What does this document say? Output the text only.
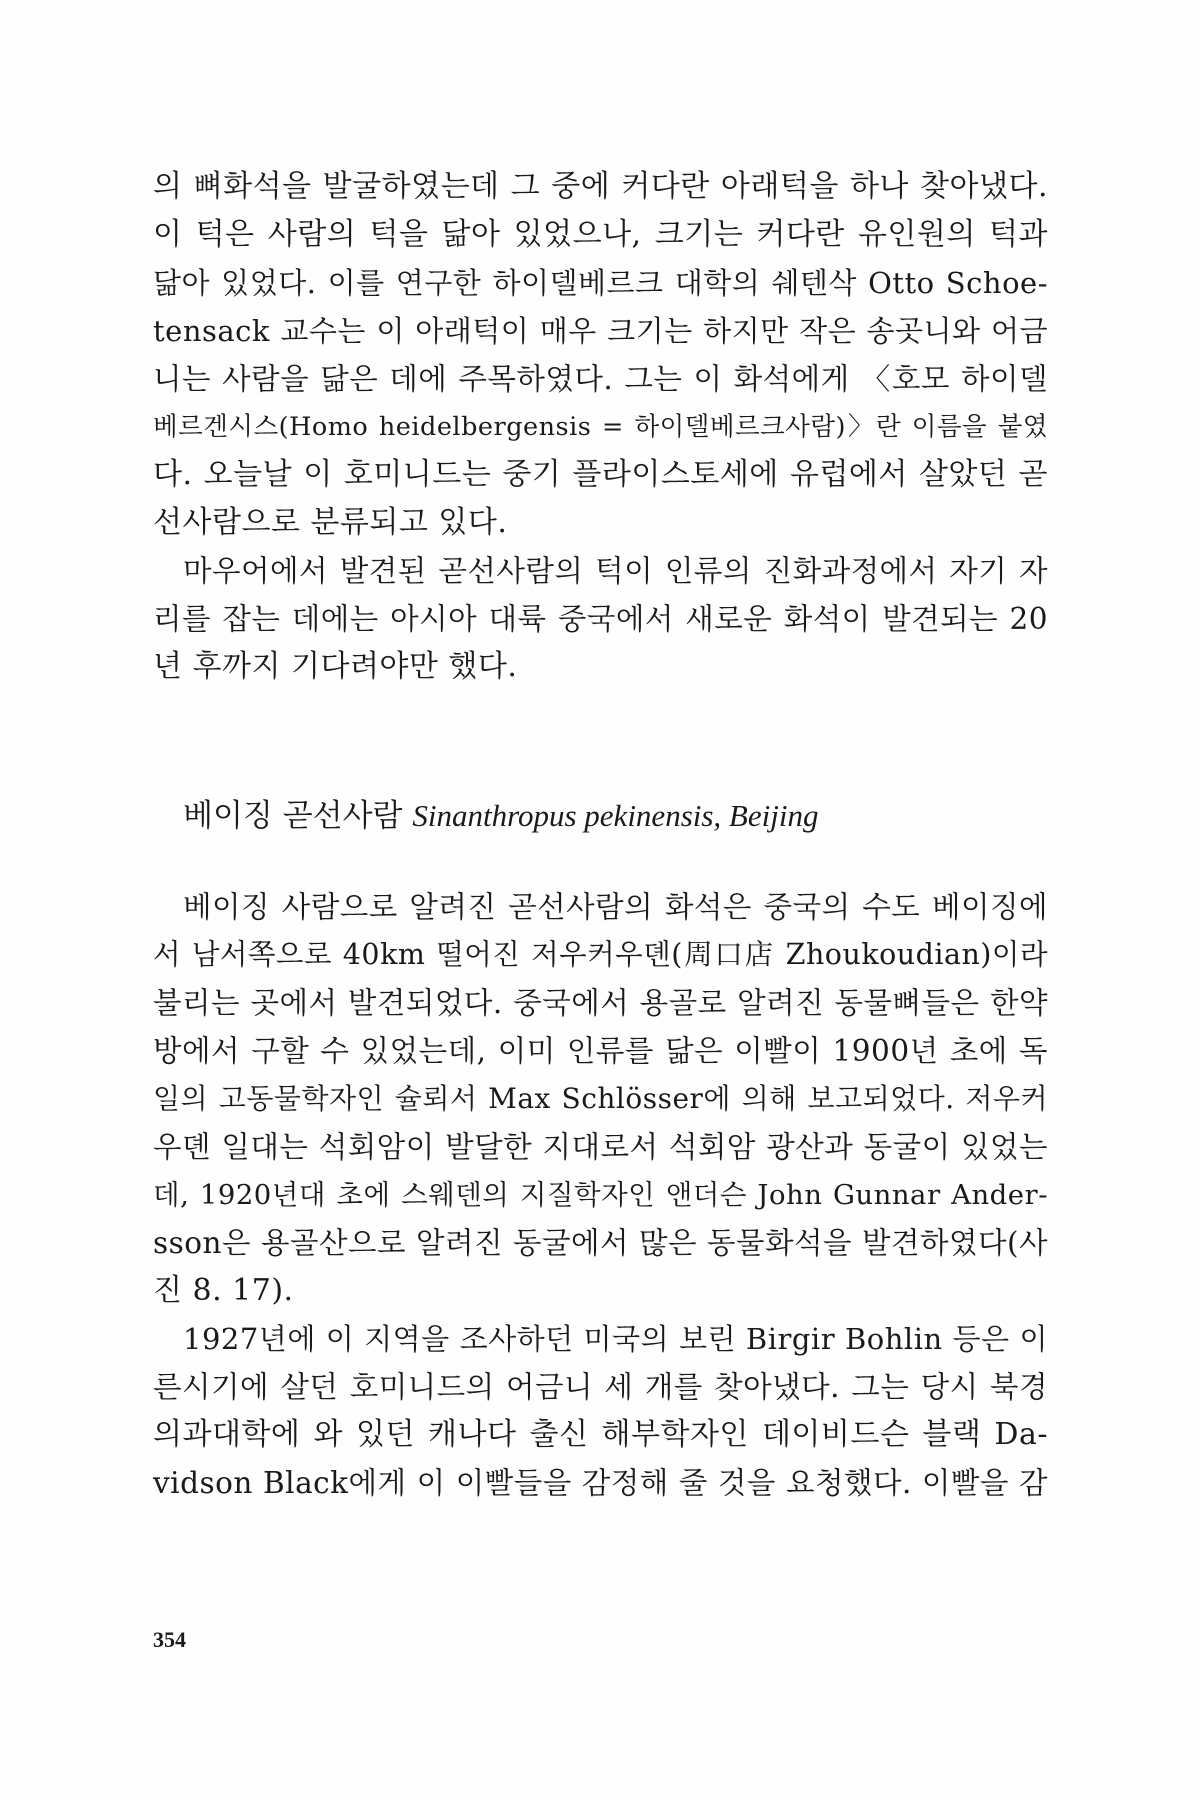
의 뼈화석을 발굴하였는데 그 중에 커다란 아래턱을 하나 찾아냈다.
이 턱은 사람의 턱을 닮아 있었으나, 크기는 커다란 유인원의 턱과
닮아 있었다. 이를 연구한 하이델베르크 대학의 쉐텐삭 Otto Schoe-
tensack 교수는 이 아래턱이 매우 크기는 하지만 작은 송곳니와 어금
니는 사람을 닮은 데에 주목하였다. 그는 이 화석에게 〈호모 하이델
베르겐시스(Homo heidelbergensis = 하이델베르크사람)〉란 이름을 붙였
다. 오늘날 이 호미니드는 중기 플라이스토세에 유럽에서 살았던 곧
선사람으로 분류되고 있다.
마우어에서 발견된 곧선사람의 턱이 인류의 진화과정에서 자기 자
리를 잡는 데에는 아시아 대륙 중국에서 새로운 화석이 발견되는 20
년 후까지 기다려야만 했다.
베이징 곧선사람 Sinanthropus pekinensis, Beijing
베이징 사람으로 알려진 곧선사람의 화석은 중국의 수도 베이징에
서 남서쪽으로 40km 떨어진 저우커우뎬(周口店 Zhoukoudian)이라
불리는 곳에서 발견되었다. 중국에서 용골로 알려진 동물뼈들은 한약
방에서 구할 수 있었는데, 이미 인류를 닮은 이빨이 1900년 초에 독
일의 고동물학자인 슐뢰서 Max Schlösser에 의해 보고되었다. 저우커
우뎬 일대는 석회암이 발달한 지대로서 석회암 광산과 동굴이 있었는
데, 1920년대 초에 스웨덴의 지질학자인 앤더슨 John Gunnar Ander-
sson은 용골산으로 알려진 동굴에서 많은 동물화석을 발견하였다(사
진 8. 17).
1927년에 이 지역을 조사하던 미국의 보린 Birgir Bohlin 등은 이
른시기에 살던 호미니드의 어금니 세 개를 찾아냈다. 그는 당시 북경
의과대학에 와 있던 캐나다 출신 해부학자인 데이비드슨 블랙 Da-
vidson Black에게 이 이빨들을 감정해 줄 것을 요청했다. 이빨을 감
354
